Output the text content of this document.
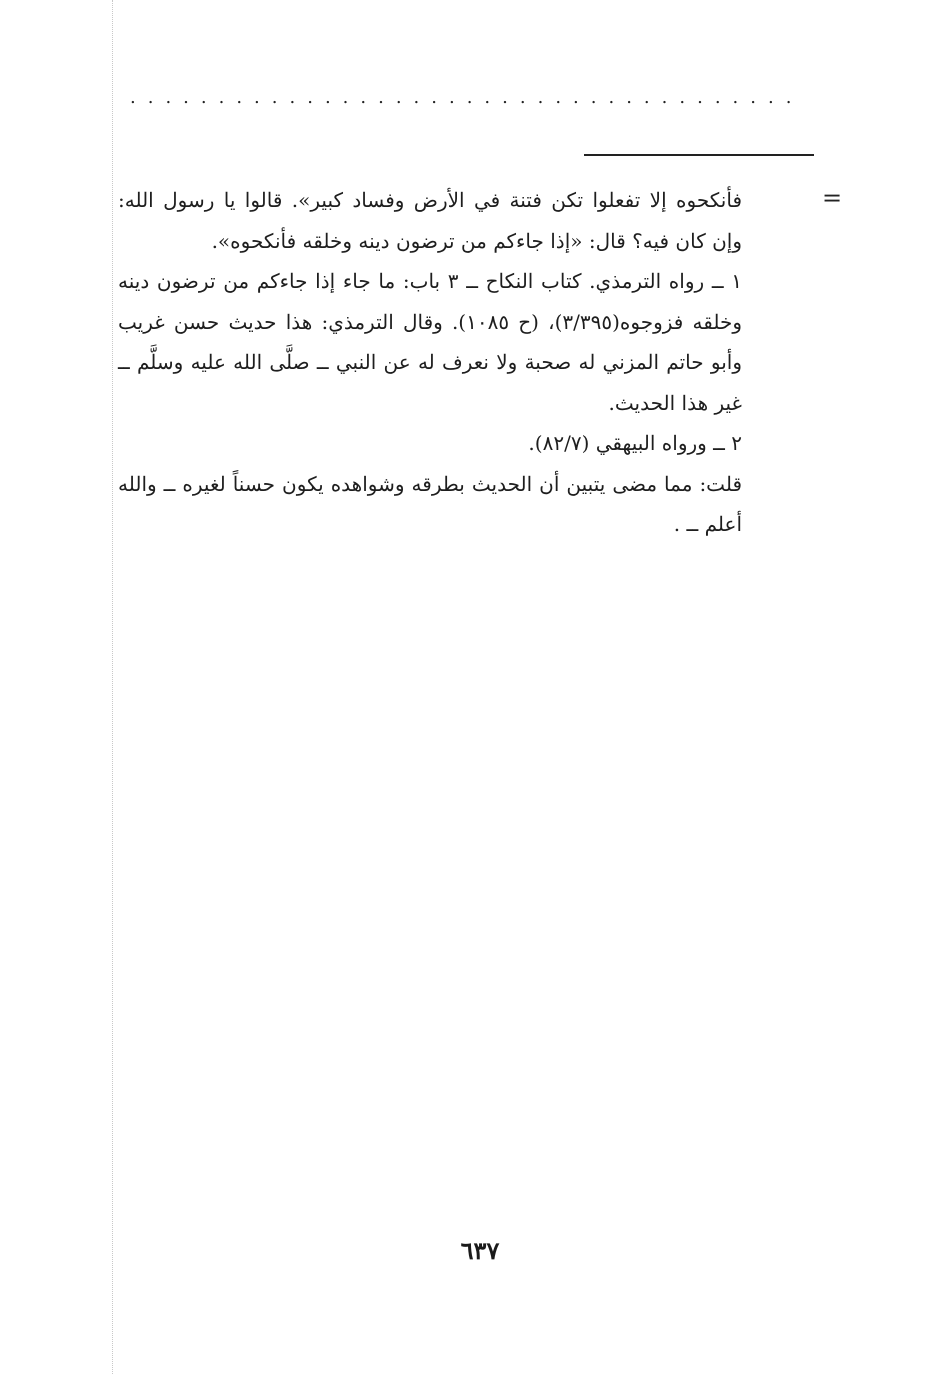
......................................
=

فأنكحوه إلا تفعلوا تكن فتنة في الأرض وفساد كبير». قالوا يا رسول الله: وإن كان فيه؟ قال: «إذا جاءكم من ترضون دينه وخلقه فأنكحوه».

١ ــ رواه الترمذي. كتاب النكاح ــ ٣ باب: ما جاء إذا جاءكم من ترضون دينه وخلقه فزوجوه(٣/٣٩٥)، (ح ١٠٨٥). وقال الترمذي: هذا حديث حسن غريب وأبو حاتم المزني له صحبة ولا نعرف له عن النبي ــ صلَّى الله عليه وسلَّم ــ غير هذا الحديث.

٢ ــ ورواه البيهقي (٨٢/٧).

قلت: مما مضى يتبين أن الحديث بطرقه وشواهده يكون حسناً لغيره ــ والله أعلم ــ .

٦٣٧
